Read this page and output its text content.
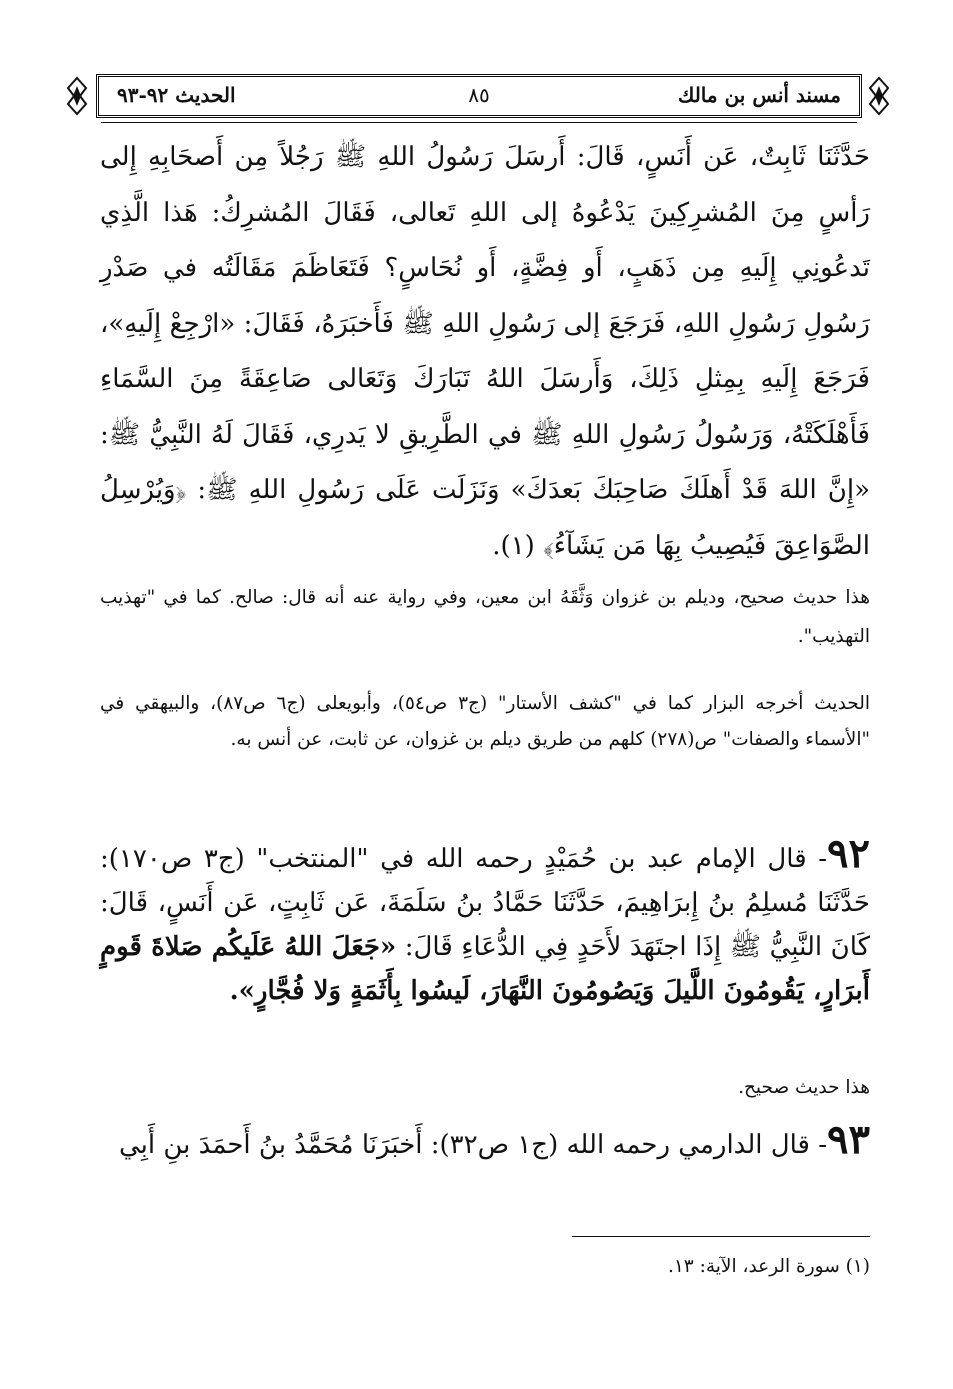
مسند أنس بن مالك
٨٥
الحديث ٩٢-٩٣
حَدَّثَنَا ثَابِتٌ، عَن أَنَسٍ، قَالَ: أَرسَلَ رَسُولُ اللهِ ﷺ رَجُلاً مِن أَصحَابِهِ إِلى رَأسٍ مِنَ المُشرِكِينَ يَدْعُوهُ إلى اللهِ تَعالى، فَقَالَ المُشرِكُ: هَذا الَّذِي تَدعُونِي إِلَيهِ مِن ذَهَبٍ، أَو فِضَّةٍ، أَو نُحَاسٍ؟ فَتَعَاظَمَ مَقَالَتُه في صَدْرِ رَسُولِ رَسُولِ اللهِ، فَرَجَعَ إلى رَسُولِ اللهِ ﷺ فَأَخبَرَهُ، فَقَالَ: «ارْجِعْ إِلَيهِ»، فَرَجَعَ إِلَيهِ بِمِثلِ ذَلِكَ، وَأَرسَلَ اللهُ تَبَارَكَ وَتَعَالى صَاعِقَةً مِنَ السَّمَاءِ فَأَهْلَكَتْهُ، وَرَسُولُ رَسُولِ اللهِ ﷺ في الطَّرِيقِ لا يَدرِي، فَقَالَ لَهُ النَّبِيُّ ﷺ: «إِنَّ اللهَ قَدْ أَهلَكَ صَاحِبَكَ بَعدَكَ» وَنَزَلَت عَلَى رَسُولِ اللهِ ﷺ: ﴿وَيُرْسِلُ الصَّوَاعِقَ فَيُصِيبُ بِهَا مَن يَشَآءُ﴾ (١).
هذا حديث صحيح، وديلم بن غزوان وَثَّقَهُ ابن معين، وفي رواية عنه أنه قال: صالح. كما في "تهذيب التهذيب".
الحديث أخرجه البزار كما في "كشف الأستار" (ج٣ ص٥٤)، وأبويعلى (ج٦ ص٨٧)، والبيهقي في "الأسماء والصفات" ص(٢٧٨) كلهم من طريق ديلم بن غزوان، عن ثابت، عن أنس به.
٩٢- قال الإمام عبد بن حُمَيْدٍ رحمه الله في "المنتخب" (ج٣ ص١٧٠): حَدَّثَنَا مُسلِمُ بنُ إِبرَاهِيمَ، حَدَّثَنَا حَمَّادُ بنُ سَلَمَةَ، عَن ثَابِتٍ، عَن أَنَسٍ، قَالَ: كَانَ النَّبِيُّ ﷺ إِذَا اجتَهَدَ لأَحَدٍ فِي الدُّعَاءِ قَالَ: «جَعَلَ اللهُ عَلَيكُم صَلاةَ قَومٍ أَبرَارٍ، يَقُومُونَ اللَّيلَ وَيَصُومُونَ النَّهَارَ، لَيسُوا بِأَثَمَةٍ وَلا فُجَّارٍ».
هذا حديث صحيح.
٩٣- قال الدارمي رحمه الله (ج١ ص٣٢): أَخبَرَنَا مُحَمَّدُ بنُ أَحمَدَ بنِ أَبِي
(١) سورة الرعد، الآية: ١٣.
